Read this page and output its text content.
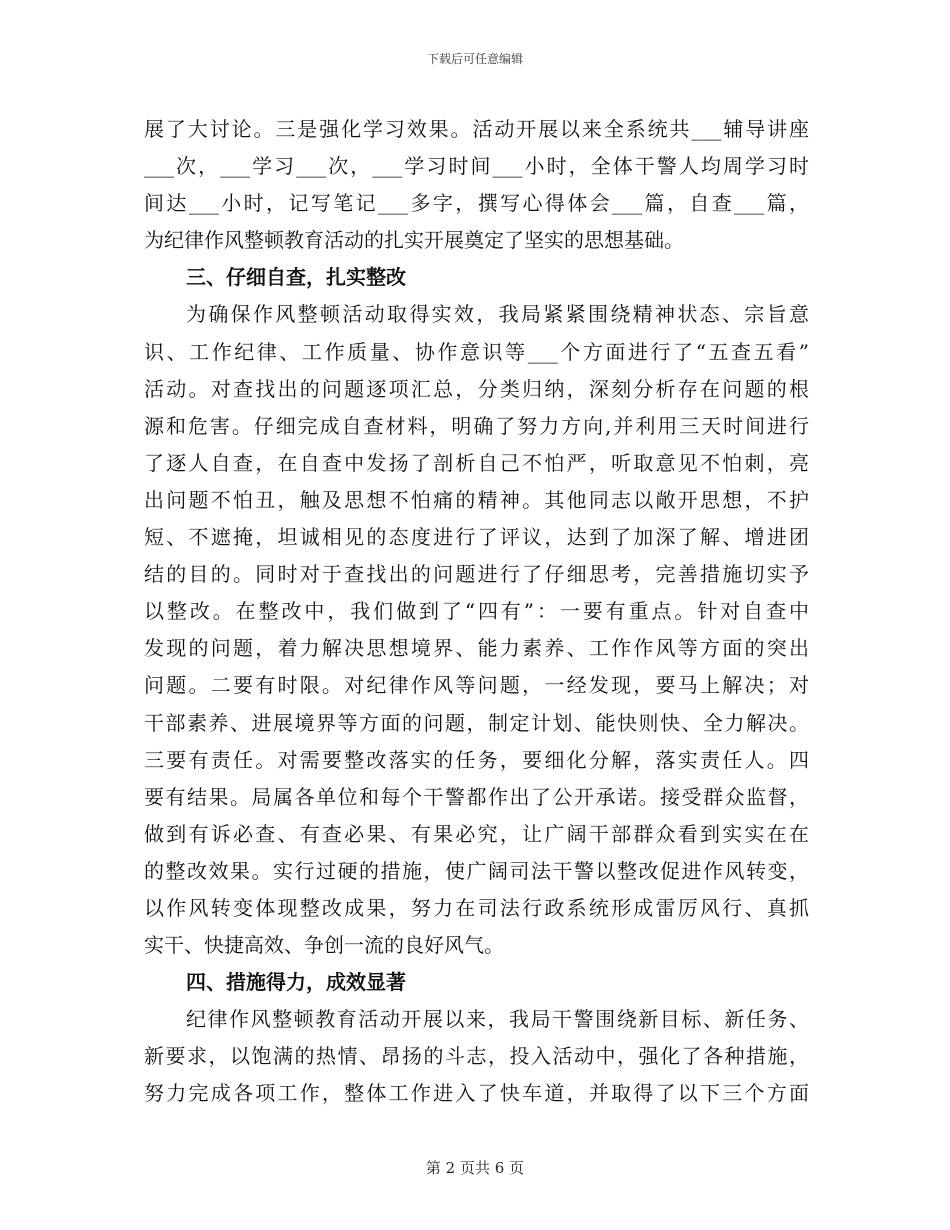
下载后可任意编辑
展了大讨论。三是强化学习效果。活动开展以来全系统共___辅导讲座
___次，___学习___次，___学习时间___小时，全体干警人均周学习时
间达___小时，记写笔记___多字，撰写心得体会___篇，自查___篇，
为纪律作风整顿教育活动的扎实开展奠定了坚实的思想基础。
三、仔细自查，扎实整改
为确保作风整顿活动取得实效，我局紧紧围绕精神状态、宗旨意
识、工作纪律、工作质量、协作意识等___个方面进行了“五查五看”
活动。对查找出的问题逐项汇总，分类归纳，深刻分析存在问题的根
源和危害。仔细完成自查材料，明确了努力方向,并利用三天时间进行
了逐人自查，在自查中发扬了剖析自己不怕严，听取意见不怕刺，亮
出问题不怕丑，触及思想不怕痛的精神。其他同志以敞开思想，不护
短、不遮掩，坦诚相见的态度进行了评议，达到了加深了解、增进团
结的目的。同时对于查找出的问题进行了仔细思考，完善措施切实予
以整改。在整改中，我们做到了“四有”：一要有重点。针对自查中
发现的问题，着力解决思想境界、能力素养、工作作风等方面的突出
问题。二要有时限。对纪律作风等问题，一经发现，要马上解决；对
干部素养、进展境界等方面的问题，制定计划、能快则快、全力解决。
三要有责任。对需要整改落实的任务，要细化分解，落实责任人。四
要有结果。局属各单位和每个干警都作出了公开承诺。接受群众监督，
做到有诉必查、有查必果、有果必究，让广阔干部群众看到实实在在
的整改效果。实行过硬的措施，使广阔司法干警以整改促进作风转变，
以作风转变体现整改成果，努力在司法行政系统形成雷厉风行、真抓
实干、快捷高效、争创一流的良好风气。
四、措施得力，成效显著
纪律作风整顿教育活动开展以来，我局干警围绕新目标、新任务、
新要求，以饱满的热情、昂扬的斗志，投入活动中，强化了各种措施，
努力完成各项工作，整体工作进入了快车道，并取得了以下三个方面
第 2 页共 6 页
